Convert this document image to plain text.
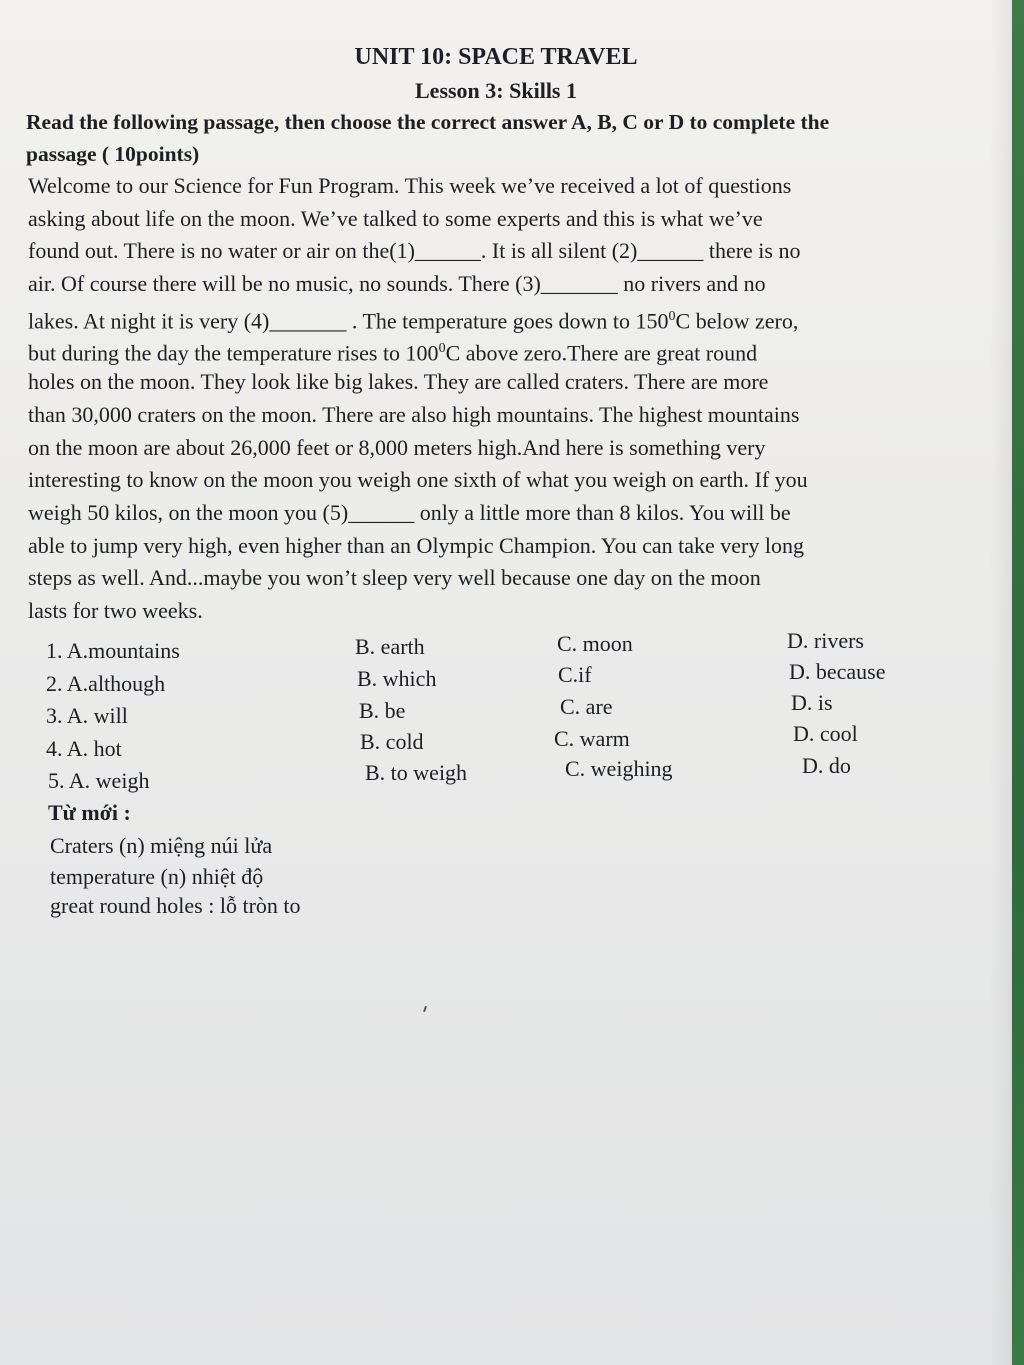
UNIT 10: SPACE TRAVEL
Lesson 3: Skills 1

Read the following passage, then choose the correct answer A, B, C or D to complete the passage ( 10points)

Welcome to our Science for Fun Program. This week we’ve received a lot of questions
asking about life on the moon. We’ve talked to some experts and this is what we’ve
found out. There is no water or air on the(1)______. It is all silent (2)______ there is no
air. Of course there will be no music, no sounds. There (3)_______ no rivers and no
lakes. At night it is very (4)_______ . The temperature goes down to $150^0C$ below zero,
but during the day the temperature rises to $100^0C$ above zero.There are great round
holes on the moon. They look like big lakes. They are called craters. There are more
than 30,000 craters on the moon. There are also high mountains. The highest mountains
on the moon are about 26,000 feet or 8,000 meters high.And here is something very
interesting to know on the moon you weigh one sixth of what you weigh on earth. If you
weigh 50 kilos, on the moon you (5)______ only a little more than 8 kilos. You will be
able to jump very high, even higher than an Olympic Champion. You can take very long
steps as well. And...maybe you won’t sleep very well because one day on the moon
lasts for two weeks.
1. A.mountains	B. earth	C. moon	D. rivers
2. A.although	B. which	C.if	D. because
3. A. will	B. be	C. are	D. is
4. A. hot	B. cold	C. warm	D. cool
5. A. weigh	B. to weigh	C. weighing	D. do
Từ mới :
Craters (n) miệng núi lửa
temperature (n) nhiệt độ
great round holes : lỗ tròn to
